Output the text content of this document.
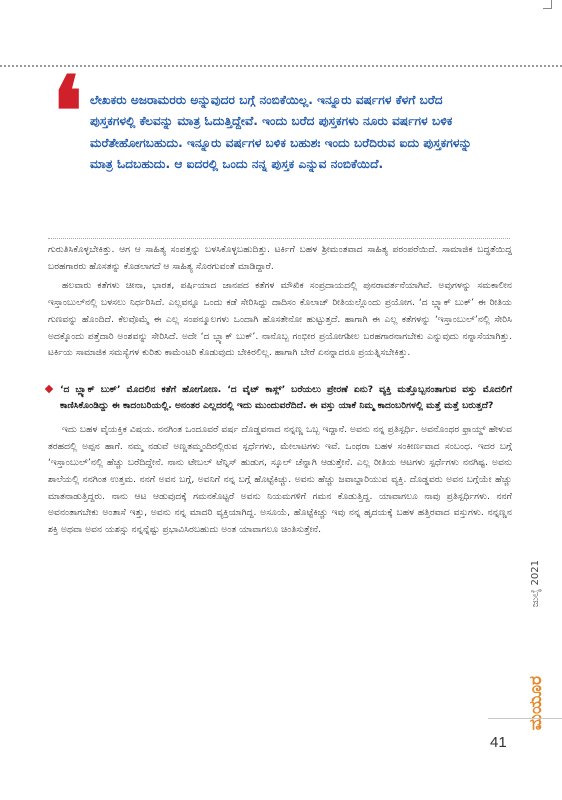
❛ ಲೇಖಕರು ಅಜರಾಮರರು ಅನ್ನುವುದರ ಬಗ್ಗೆ ನಂಬಿಕೆಯಿಲ್ಲ. ಇನ್ನೂರು ವರ್ಷಗಳ ಕೆಳಗೆ ಬರೆದ ಪುಸ್ತಕಗಳಲ್ಲಿ ಕೆಲವನ್ನು ಮಾತ್ರ ಓದುತ್ತಿದ್ದೇವೆ. ಇಂದು ಬರೆದ ಪುಸ್ತಕಗಳು ನೂರು ವರ್ಷಗಳ ಬಳಿಕ ಮರೆತೇಹೋಗಬಹುದು. ಇನ್ನೂರು ವರ್ಷಗಳ ಬಳಿಕ ಬಹುಶಃ ಇಂದು ಬರೆದಿರುವ ಐದು ಪುಸ್ತಕಗಳನ್ನು ಮಾತ್ರ ಓದಬಹುದು. ಆ ಐದರಲ್ಲಿ ಒಂದು ನನ್ನ ಪುಸ್ತಕ ಎನ್ನುವ ನಂಬಿಕೆಯಿದೆ.

ಗುರುತಿಸಿಕೊಳ್ಳಬೇಕಿತ್ತು. ಆಗ ಆ ಸಾಹಿತ್ಯ ಸಂಪತ್ತನ್ನು ಬಳಸಿಕೊಳ್ಳಬಹುದಿತ್ತು. ಟರ್ಕಿಗೆ ಬಹಳ ಶ್ರೀಮಂತವಾದ ಸಾಹಿತ್ಯ ಪರಂಪರೆಯಿದೆ. ಸಾಮಾಜಿಕ ಬದ್ಧತೆಯಿದ್ದ ಬರಹಗಾರರು ಹೊಸತನ್ನು ಕೊಡಲಾಗದೆ ಆ ಸಾಹಿತ್ಯ ಸೊರಗುವಂತೆ ಮಾಡಿದ್ದಾರೆ.

ಹಲವಾರು ಕತೆಗಳು ಚೀನಾ, ಭಾರತ, ಪರ್ಷಿಯಾದ ಜಾನಪದ ಕತೆಗಳ ಮೌಖಿಕ ಸಂಪ್ರದಾಯದಲ್ಲಿ ಪುನರಾವರ್ತನೆಯಾಗಿವೆ. ಅವುಗಳನ್ನು ಸಮಕಾಲೀನ ಇಸ್ತಾಂಬುಲ್‌ನಲ್ಲಿ ಬಳಸಲು ನಿರ್ಧರಿಸಿದೆ. ಎಲ್ಲವನ್ನೂ ಒಂದು ಕಡೆ ಸೇರಿಸಿದ್ದು ದಾದಿಸಂ ಕೊಲಾಜ್ ರೀತಿಯಲ್ಲೊಂದು ಪ್ರಯೋಗ. ‘ದ ಬ್ಲ್ಯಾಕ್ ಬುಕ್’ ಈ ರೀತಿಯ ಗುಣವನ್ನು ಹೊಂದಿದೆ. ಕೆಲವೊಮ್ಮೆ ಈ ಎಲ್ಲ ಸಂಪನ್ಮೂಲಗಳು ಒಂದಾಗಿ ಹೊಸತೇನೋ ಹುಟ್ಟುತ್ತದೆ. ಹಾಗಾಗಿ ಈ ಎಲ್ಲ ಕತೆಗಳನ್ನು ‘ಇಸ್ತಾಂಬುಲ್’ನಲ್ಲಿ ಸೇರಿಸಿ ಅದಕ್ಕೊಂದು ಪತ್ತೆದಾರಿ ಅಂಶವನ್ನು ಸೇರಿಸಿದೆ. ಅದೇ ‘ದ ಬ್ಲ್ಯಾಕ್ ಬುಕ್’. ನಾನೊಬ್ಬ ಗಂಭೀರ ಪ್ರಯೋಗಶೀಲ ಬರಹಗಾರನಾಗಬೇಕು ಎನ್ನುವುದು ನನ್ನಾಸೆಯಾಗಿತ್ತು. ಟರ್ಕಿಯ ಸಾಮಾಜಿಕ ಸಮಸ್ಯೆಗಳ ಕುರಿತು ಕಾಮೆಂಟರಿ ಕೊಡುವುದು ಬೇಕಿರಲಿಲ್ಲ. ಹಾಗಾಗಿ ಬೇರೆ ಏನನ್ನಾದರೂ ಪ್ರಯತ್ನಿಸಬೇಕಿತ್ತು.

‘ದ ಬ್ಲ್ಯಾಕ್ ಬುಕ್’ ಮೊದಲಿನ ಕತೆಗೆ ಹೋಗೋಣ. ‘ದ ವೈಟ್ ಕಾಸ್ಲ್’ ಬರೆಯಲು ಪ್ರೇರಣೆ ಏನು? ವ್ಯಕ್ತಿ ಮತ್ತೊಬ್ಬನಂತಾಗುವ ವಸ್ತು ಮೊದಲಿಗೆ ಕಾಣಿಸಿಕೊಂಡಿದ್ದು ಈ ಕಾದಂಬರಿಯಲ್ಲಿ. ಅನಂತರ ಎಲ್ಲದರಲ್ಲಿ ಇದು ಮುಂದುವರೆದಿದೆ. ಈ ವಸ್ತು ಯಾಕೆ ನಿಮ್ಮ ಕಾದಂಬರಿಗಳಲ್ಲಿ ಮತ್ತೆ ಮತ್ತೆ ಬರುತ್ತದೆ?

ಇದು ಬಹಳ ವೈಯಕ್ತಿಕ ವಿಷಯ. ನನಗಿಂತ ಒಂದೂವರೆ ವರ್ಷ ದೊಡ್ಡವನಾದ ನನ್ನಣ್ಣ ಒಬ್ಬ ಇದ್ದಾನೆ. ಅವನು ನನ್ನ ಪ್ರತಿಸ್ಪರ್ಧಿ. ಅವನೊಂಥರ ಫ್ರಾಯ್ಡ್ ಹೇಳುವ ತರಹದಲ್ಲಿ ಅಪ್ಪನ ಹಾಗೆ. ನಮ್ಮ ನಡುವೆ ಅಣ್ಣತಮ್ಮಂದಿರಲ್ಲಿರುವ ಸ್ಪರ್ಧೆಗಳು, ಮೇಲಾಟಗಳು ಇವೆ. ಒಂಥರಾ ಬಹಳ ಸಂಕೀರ್ಣವಾದ ಸಂಬಂಧ. ಇದರ ಬಗ್ಗೆ ‘ಇಸ್ತಾಂಬುಲ್’ನಲ್ಲಿ ಹೆಚ್ಚು ಬರೆದಿದ್ದೇನೆ. ನಾನು ಟೇಬಲ್ ಟೆನ್ನಿಸ್ ಹುಡುಗ, ಸ್ಕೂಲ್ ಚೆನ್ನಾಗಿ ಆಡುತ್ತೇನೆ. ಎಲ್ಲ ರೀತಿಯ ಆಟಗಳು ಸ್ಪರ್ಧೆಗಳು ನನಗಿಷ್ಟ. ಅವನು ಶಾಲೆಯಲ್ಲಿ ನನಗಿಂತ ಉತ್ತಮ. ನನಗೆ ಅವನ ಬಗ್ಗೆ, ಅವನಿಗೆ ನನ್ನ ಬಗ್ಗೆ ಹೊಟ್ಟೆಕಿಚ್ಚು. ಅವನು ಹೆಚ್ಚು ಜವಾಬ್ದಾರಿಯುವ ವ್ಯಕ್ತಿ. ದೊಡ್ಡವರು ಅವನ ಬಗ್ಗೆಯೇ ಹೆಚ್ಚು ಮಾತನಾಡುತ್ತಿದ್ದರು. ನಾನು ಆಟ ಆಡುವುದಕ್ಕೆ ಗಮನಕೊಟ್ಟರೆ ಅವನು ನಿಯಮಗಳಿಗೆ ಗಮನ ಕೊಡುತ್ತಿದ್ದ. ಯಾವಾಗಲೂ ನಾವು ಪ್ರತಿಸ್ಪರ್ಧಿಗಳು. ನನಗೆ ಅವನಂತಾಗಬೇಕು ಅಂತಾಸೆ ಇತ್ತು, ಅವನು ನನ್ನ ಮಾದರಿ ವ್ಯಕ್ತಿಯಾಗಿದ್ದ. ಅಸೂಯೆ, ಹೊಟ್ಟೆಕಿಚ್ಚು ಇವು ನನ್ನ ಹೃದಯಕ್ಕೆ ಬಹಳ ಹತ್ತಿರವಾದ ವಸ್ತುಗಳು. ನನ್ನಣ್ಣನ ಶಕ್ತಿ ಅಥವಾ ಅವನ ಯಶಸ್ಸು ನನ್ನನ್ನೆಷ್ಟು ಪ್ರಭಾವಿಸಿರಬಹುದು ಅಂತ ಯಾವಾಗಲೂ ಚಿಂತಿಸುತ್ತೇನೆ.

ಜುಲೈ 2021
ಮಯೂರ
41
